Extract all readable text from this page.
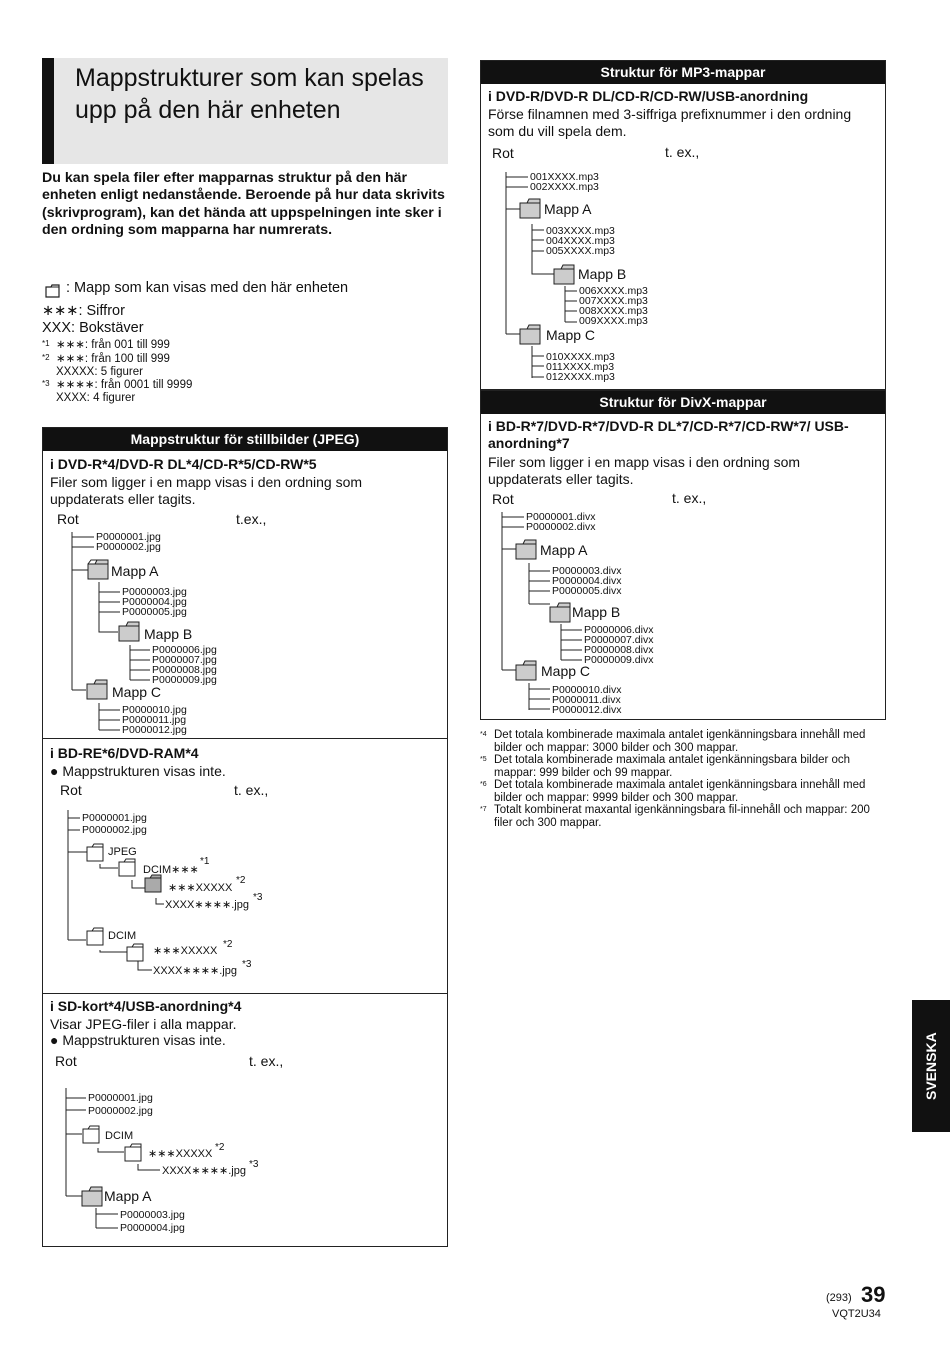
Mappstrukturer som kan spelas upp på den här enheten
Du kan spela filer efter mapparnas struktur på den här enheten enligt nedanstående. Beroende på hur data skrivits (skrivprogram), kan det hända att uppspelningen inte sker i den ordning som mapparna har numrerats.
: Mapp som kan visas med den här enheten
∗∗∗: Siffror
XXX: Bokstäver
*1 ∗∗∗: från 001 till 999
*2 ∗∗∗: från 100 till 999
XXXXX: 5 figurer
*3 ∗∗∗∗: från 0001 till 9999
XXXX: 4 figurer
Mappstruktur för stillbilder (JPEG)
i DVD-R*4/DVD-R DL*4/CD-R*5/CD-RW*5
Filer som ligger i en mapp visas i den ordning som uppdaterats eller tagits.
Rot	t.ex.,
P0000001.jpg
P0000002.jpg
Mapp A
P0000003.jpg
P0000004.jpg
P0000005.jpg
Mapp B
P0000006.jpg
P0000007.jpg
P0000008.jpg
P0000009.jpg
Mapp C
P0000010.jpg
P0000011.jpg
P0000012.jpg
i BD-RE*6/DVD-RAM*4
● Mappstrukturen visas inte.
Rot	t. ex.,
P0000001.jpg
P0000002.jpg
JPEG
DCIM∗∗∗
*1
∗∗∗XXXXX
*2
XXXX∗∗∗∗.jpg
*3
DCIM
∗∗∗XXXXX
*2
XXXX∗∗∗∗.jpg
*3
i SD-kort*4/USB-anordning*4
Visar JPEG-filer i alla mappar.
● Mappstrukturen visas inte.
Rot	t. ex.,
P0000001.jpg
P0000002.jpg
DCIM
∗∗∗XXXXX
*2
XXXX∗∗∗∗.jpg
*3
Mapp A
P0000003.jpg
P0000004.jpg
Struktur för MP3-mappar
i DVD-R/DVD-R DL/CD-R/CD-RW/USB-anordning
Förse filnamnen med 3-siffriga prefixnummer i den ordning som du vill spela dem.
Rot	t. ex.,
001XXXX.mp3
002XXXX.mp3
Mapp A
003XXXX.mp3
004XXXX.mp3
005XXXX.mp3
Mapp B
006XXXX.mp3
007XXXX.mp3
008XXXX.mp3
009XXXX.mp3
Mapp C
010XXXX.mp3
011XXXX.mp3
012XXXX.mp3
Struktur för DivX-mappar
i BD-R*7/DVD-R*7/DVD-R DL*7/CD-R*7/CD-RW*7/ USB-anordning*7
Filer som ligger i en mapp visas i den ordning som uppdaterats eller tagits.
Rot	t. ex.,
P0000001.divx
P0000002.divx
Mapp A
P0000003.divx
P0000004.divx
P0000005.divx
Mapp B
P0000006.divx
P0000007.divx
P0000008.divx
P0000009.divx
Mapp C
P0000010.divx
P0000011.divx
P0000012.divx
*4 Det totala kombinerade maximala antalet igenkänningsbara innehåll med bilder och mappar: 3000 bilder och 300 mappar.
*5 Det totala kombinerade maximala antalet igenkänningsbara bilder och mappar: 999 bilder och 99 mappar.
*6 Det totala kombinerade maximala antalet igenkänningsbara innehåll med bilder och mappar: 9999 bilder och 300 mappar.
*7 Totalt kombinerat maxantal igenkänningsbara fil-innehåll och mappar: 200 filer och 300 mappar.
SVENSKA
(293) 39
VQT2U34
